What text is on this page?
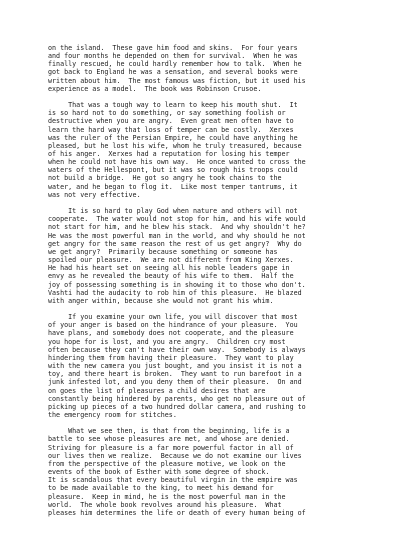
on the island.  These gave him food and skins.  For four years
and four months he depended on them for survival.  When he was
finally rescued, he could hardly remember how to talk.  When he
got back to England he was a sensation, and several books were
written about him.  The most famous was fiction, but it used his
experience as a model.  The book was Robinson Crusoe.

That was a tough way to learn to keep his mouth shut.  It
is so hard not to do something, or say something foolish or
destructive when you are angry.  Even great men often have to
learn the hard way that loss of temper can be costly.  Xerxes
was the ruler of the Persian Empire, he could have anything he
pleased, but he lost his wife, whom he truly treasured, because
of his anger.  Xerxes had a reputation for losing his temper
when he could not have his own way.  He once wanted to cross the
waters of the Hellespont, but it was so rough his troops could
not build a bridge.  He got so angry he took chains to the
water, and he began to flog it.  Like most temper tantrums, it
was not very effective.

It is so hard to play God when nature and others will not
cooperate.  The water would not stop for him, and his wife would
not start for him, and he blew his stack.  And why shouldn't he?
He was the most powerful man in the world, and why should he not
get angry for the same reason the rest of us get angry?  Why do
we get angry?  Primarily because something or someone has
spoiled our pleasure.  We are not different from King Xerxes.
He had his heart set on seeing all his noble leaders gape in
envy as he revealed the beauty of his wife to them.  Half the
joy of possessing something is in showing it to those who don't.
Vashti had the audacity to rob him of this pleasure.  He blazed
with anger within, because she would not grant his whim.

If you examine your own life, you will discover that most
of your anger is based on the hindrance of your pleasure.  You
have plans, and somebody does not cooperate, and the pleasure
you hope for is lost, and you are angry.  Children cry most
often because they can't have their own way.  Somebody is always
hindering them from having their pleasure.  They want to play
with the new camera you just bought, and you insist it is not a
toy, and there heart is broken.  They want to run barefoot in a
junk infested lot, and you deny them of their pleasure.  On and
on goes the list of pleasures a child desires that are
constantly being hindered by parents, who get no pleasure out of
picking up pieces of a two hundred dollar camera, and rushing to
the emergency room for stitches.

What we see then, is that from the beginning, life is a
battle to see whose pleasures are met, and whose are denied.
Striving for pleasure is a far more powerful factor in all of
our lives then we realize.  Because we do not examine our lives
from the perspective of the pleasure motive, we look on the
events of the book of Esther with some degree of shock.
It is scandalous that every beautiful virgin in the empire was
to be made available to the king, to meet his demand for
pleasure.  Keep in mind, he is the most powerful man in the
world.  The whole book revolves around his pleasure.  What
pleases him determines the life or death of every human being of
